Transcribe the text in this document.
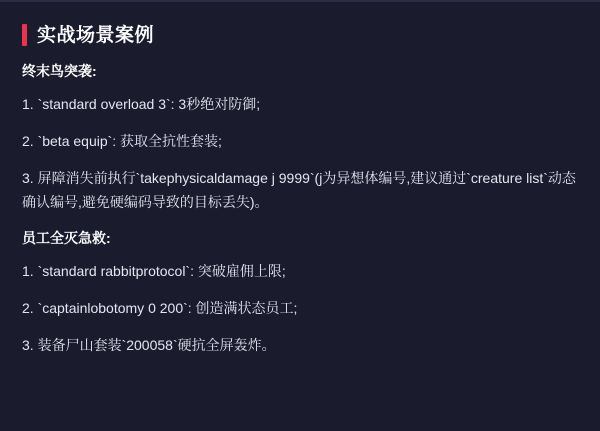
实战场景案例
终末鸟突袭:
1. `standard overload 3`: 3秒绝对防御;
2. `beta equip`: 获取全抗性套装;
3. 屏障消失前执行`takephysicaldamage j 9999`(j为异想体编号,建议通过`creature list`动态确认编号,避免硬编码导致的目标丢失)。
员工全灭急救:
1. `standard rabbitprotocol`: 突破雇佣上限;
2. `captainlobotomy 0 200`: 创造满状态员工;
3. 装备尸山套装`200058`硬抗全屏轰炸。
